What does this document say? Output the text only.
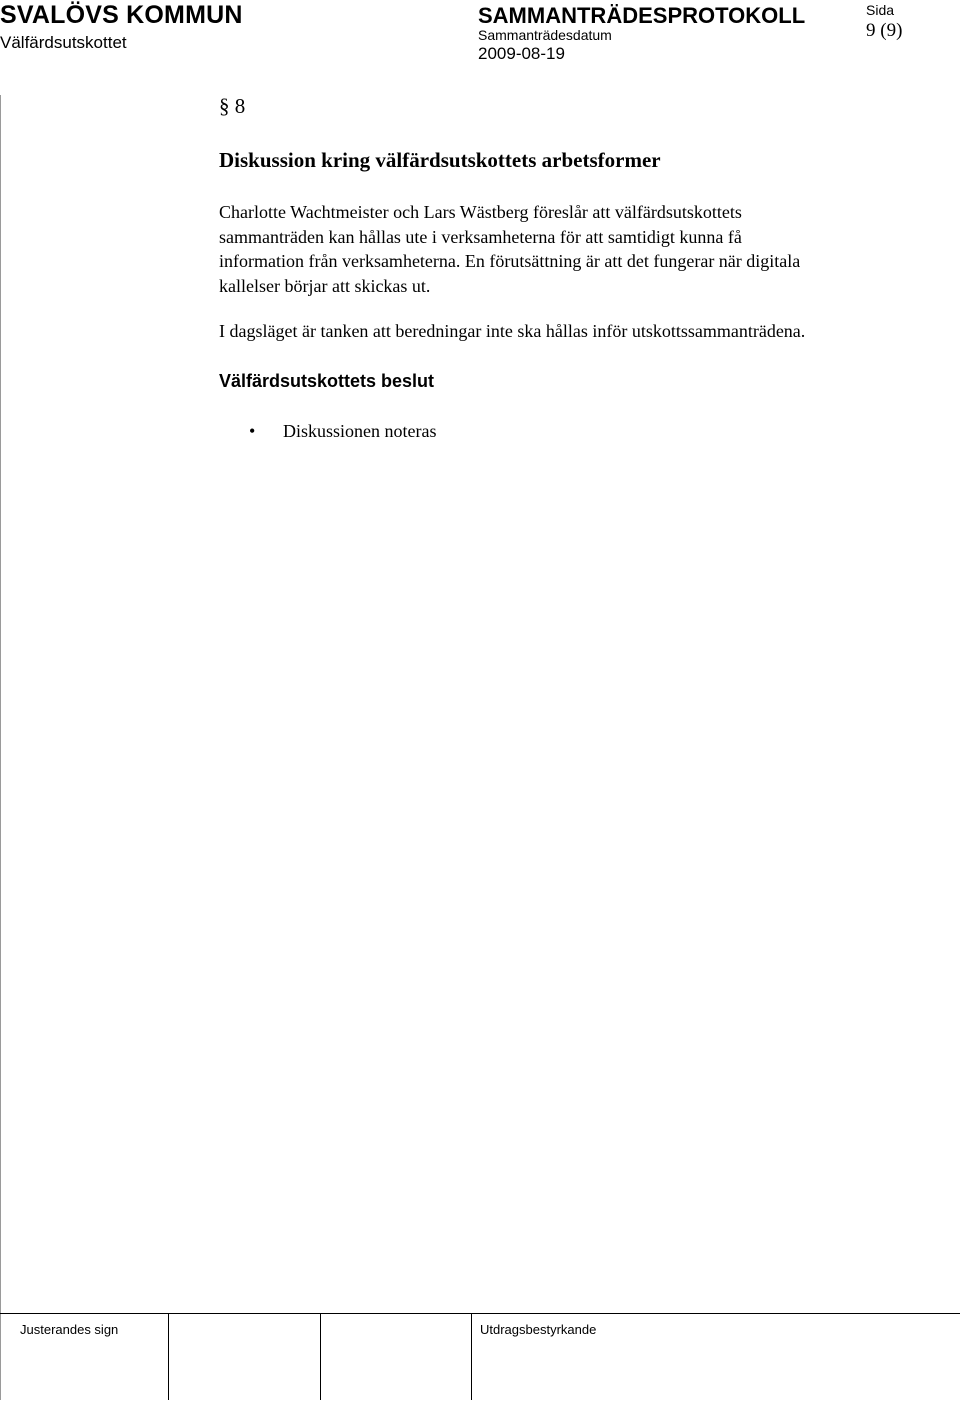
SVALÖVS KOMMUN
Välfärdsutskottet
SAMMANTRÄDESPROTOKOLL
Sammanträdesdatum
2009-08-19
Sida
9 (9)
§ 8
Diskussion kring välfärdsutskottets arbetsformer
Charlotte Wachtmeister och Lars Wästberg föreslår att välfärdsutskottets
sammanträden kan hållas ute i verksamheterna för att samtidigt kunna få
information från verksamheterna. En förutsättning är att det fungerar när digitala
kallelser börjar att skickas ut.
I dagsläget är tanken att beredningar inte ska hållas inför utskottssammanträdena.
Välfärdsutskottets beslut
• Diskussionen noteras
Justerandes sign	Utdragsbestyrkande
